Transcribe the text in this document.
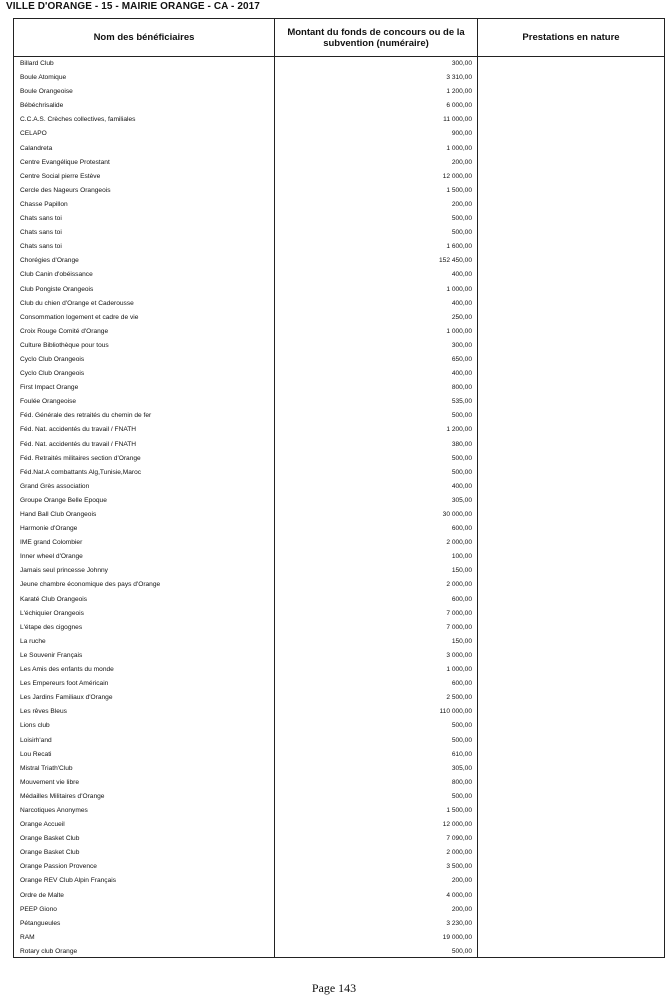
VILLE D'ORANGE - 15 - MAIRIE ORANGE - CA - 2017
Nom des bénéficiaires	Montant du fonds de concours ou de la subvention (numéraire)	Prestations en nature
Billard Club	300,00
Boule Atomique	3 310,00
Boule Orangeoise	1 200,00
Bébéchrisalide	6 000,00
C.C.A.S. Crèches collectives, familiales	11 000,00
CELAPO	900,00
Calandreta	1 000,00
Centre Evangélique Protestant	200,00
Centre Social pierre Estève	12 000,00
Cercle des Nageurs Orangeois	1 500,00
Chasse Papillon	200,00
Chats sans toi	500,00
Chats sans toi	500,00
Chats sans toi	1 600,00
Chorégies d'Orange	152 450,00
Club Canin d'obéissance	400,00
Club Pongiste Orangeois	1 000,00
Club du chien d'Orange et Caderousse	400,00
Consommation logement et cadre de vie	250,00
Croix Rouge Comité d'Orange	1 000,00
Culture Bibliothèque pour tous	300,00
Cyclo Club Orangeois	650,00
Cyclo Club Orangeois	400,00
First Impact Orange	800,00
Foulée Orangeoise	535,00
Féd. Générale des retraités du chemin de fer	500,00
Féd. Nat. accidentés du travail / FNATH	1 200,00
Féd. Nat. accidentés du travail / FNATH	380,00
Féd. Retraités militaires section d'Orange	500,00
Féd.Nat.A combattants Alg,Tunisie,Maroc	500,00
Grand Grès association	400,00
Groupe Orange Belle Epoque	305,00
Hand Ball Club Orangeois	30 000,00
Harmonie d'Orange	600,00
IME grand Colombier	2 000,00
Inner wheel d'Orange	100,00
Jamais seul princesse Johnny	150,00
Jeune chambre économique des pays d'Orange	2 000,00
Karaté Club Orangeois	600,00
L'échiquier Orangeois	7 000,00
L'étape des cigognes	7 000,00
La ruche	150,00
Le Souvenir Français	3 000,00
Les Amis des enfants du monde	1 000,00
Les Empereurs foot Américain	600,00
Les Jardins Familiaux d'Orange	2 500,00
Les rêves Bleus	110 000,00
Lions club	500,00
Loisirh'and	500,00
Lou Recati	610,00
Mistral Triath'Club	305,00
Mouvement vie libre	800,00
Médailles Militaires d'Orange	500,00
Narcotiques Anonymes	1 500,00
Orange Accueil	12 000,00
Orange Basket Club	7 090,00
Orange Basket Club	2 000,00
Orange Passion Provence	3 500,00
Orange REV Club Alpin Français	200,00
Ordre de Malte	4 000,00
PEEP Giono	200,00
Pétangueules	3 230,00
RAM	19 000,00
Rotary club Orange	500,00
Page 143
